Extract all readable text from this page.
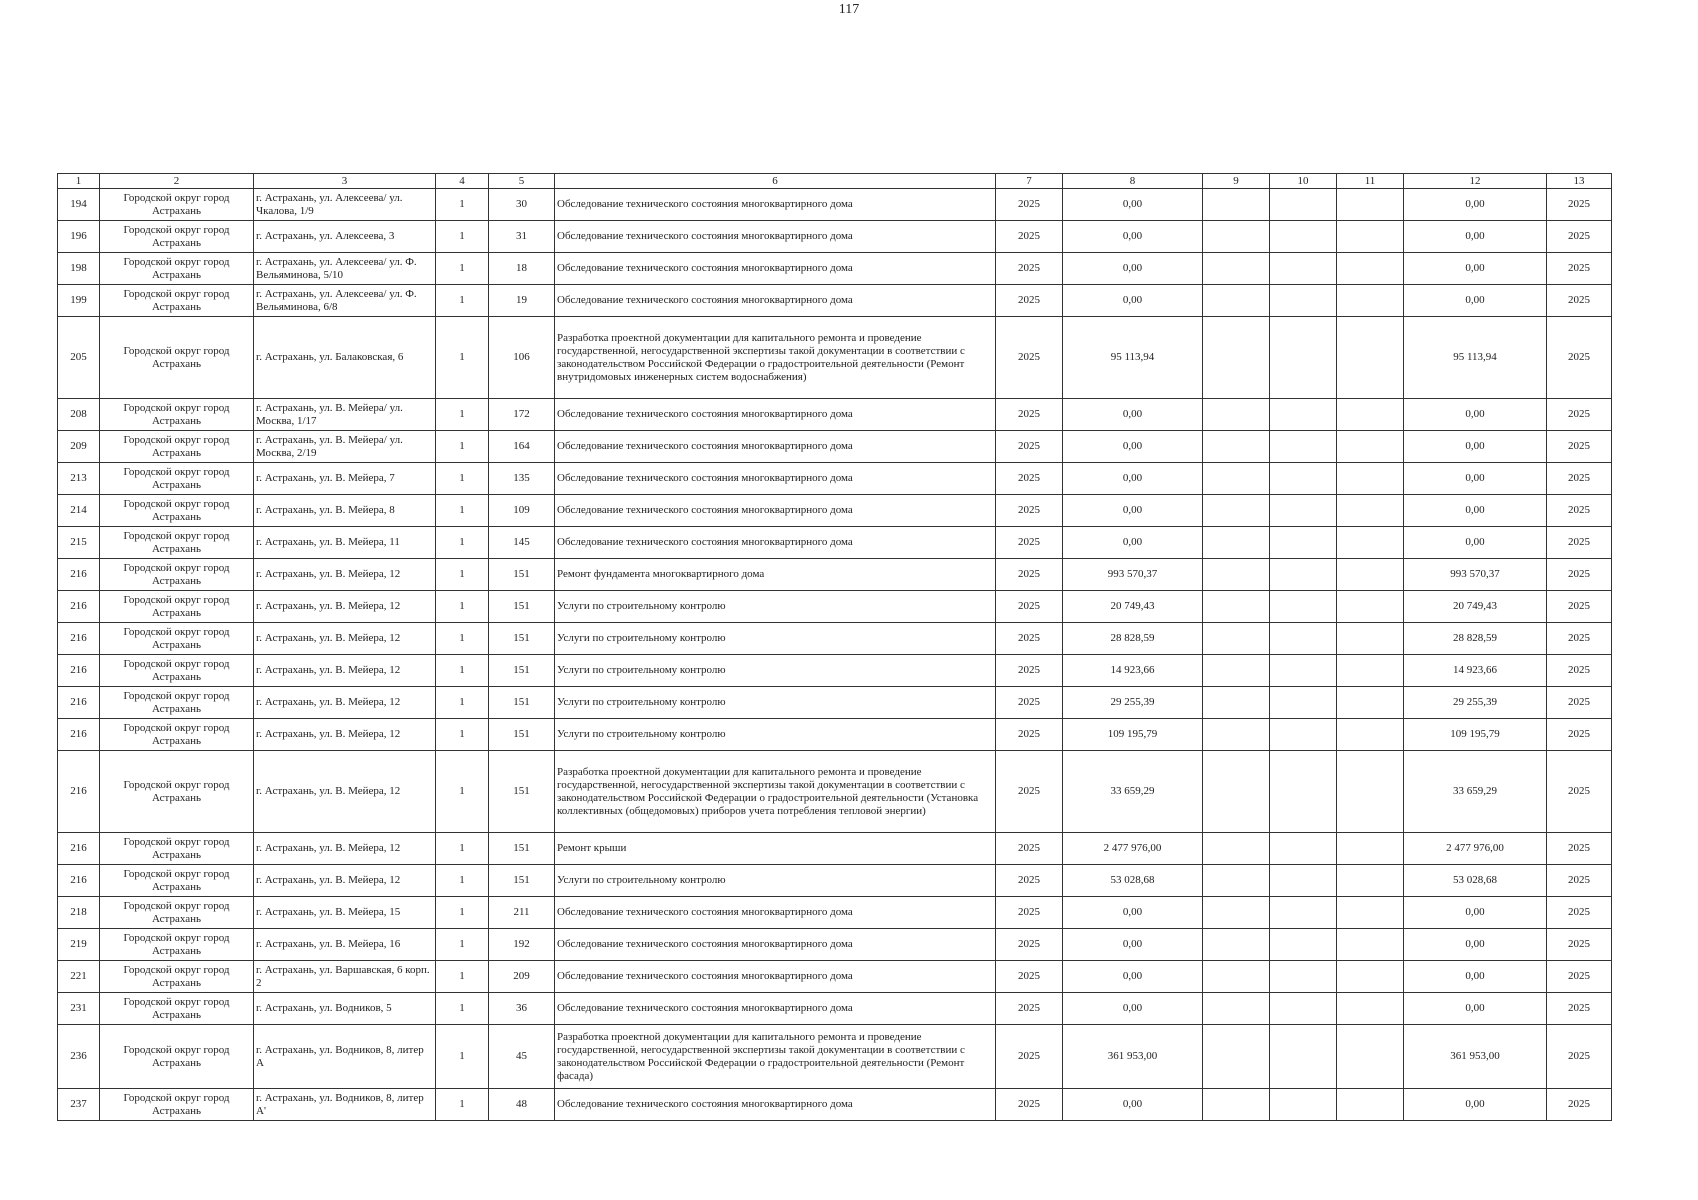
117
1	2	3	4	5	6	7	8	9	10	11	12	13
194	Городской округ город Астрахань	г. Астрахань, ул. Алексеева/ ул. Чкалова, 1/9	1	30	Обследование технического состояния многоквартирного дома	2025	0,00				0,00	2025
196	Городской округ город Астрахань	г. Астрахань, ул. Алексеева, 3	1	31	Обследование технического состояния многоквартирного дома	2025	0,00				0,00	2025
198	Городской округ город Астрахань	г. Астрахань, ул. Алексеева/ ул. Ф. Вельяминова, 5/10	1	18	Обследование технического состояния многоквартирного дома	2025	0,00				0,00	2025
199	Городской округ город Астрахань	г. Астрахань, ул. Алексеева/ ул. Ф. Вельяминова, 6/8	1	19	Обследование технического состояния многоквартирного дома	2025	0,00				0,00	2025
205	Городской округ город Астрахань	г. Астрахань, ул. Балаковская, 6	1	106	Разработка проектной документации для капитального ремонта и проведение государственной, негосударственной экспертизы такой документации в соответствии с законодательством Российской Федерации о градостроительной деятельности (Ремонт внутридомовых инженерных систем водоснабжения)	2025	95 113,94				95 113,94	2025
208	Городской округ город Астрахань	г. Астрахань, ул. В. Мейера/ ул. Москва, 1/17	1	172	Обследование технического состояния многоквартирного дома	2025	0,00				0,00	2025
209	Городской округ город Астрахань	г. Астрахань, ул. В. Мейера/ ул. Москва, 2/19	1	164	Обследование технического состояния многоквартирного дома	2025	0,00				0,00	2025
213	Городской округ город Астрахань	г. Астрахань, ул. В. Мейера, 7	1	135	Обследование технического состояния многоквартирного дома	2025	0,00				0,00	2025
214	Городской округ город Астрахань	г. Астрахань, ул. В. Мейера, 8	1	109	Обследование технического состояния многоквартирного дома	2025	0,00				0,00	2025
215	Городской округ город Астрахань	г. Астрахань, ул. В. Мейера, 11	1	145	Обследование технического состояния многоквартирного дома	2025	0,00				0,00	2025
216	Городской округ город Астрахань	г. Астрахань, ул. В. Мейера, 12	1	151	Ремонт фундамента многоквартирного дома	2025	993 570,37				993 570,37	2025
216	Городской округ город Астрахань	г. Астрахань, ул. В. Мейера, 12	1	151	Услуги по строительному контролю	2025	20 749,43				20 749,43	2025
216	Городской округ город Астрахань	г. Астрахань, ул. В. Мейера, 12	1	151	Услуги по строительному контролю	2025	28 828,59				28 828,59	2025
216	Городской округ город Астрахань	г. Астрахань, ул. В. Мейера, 12	1	151	Услуги по строительному контролю	2025	14 923,66				14 923,66	2025
216	Городской округ город Астрахань	г. Астрахань, ул. В. Мейера, 12	1	151	Услуги по строительному контролю	2025	29 255,39				29 255,39	2025
216	Городской округ город Астрахань	г. Астрахань, ул. В. Мейера, 12	1	151	Услуги по строительному контролю	2025	109 195,79				109 195,79	2025
216	Городской округ город Астрахань	г. Астрахань, ул. В. Мейера, 12	1	151	Разработка проектной документации для капитального ремонта и проведение государственной, негосударственной экспертизы такой документации в соответствии с законодательством Российской Федерации о градостроительной деятельности (Установка коллективных (общедомовых) приборов учета потребления тепловой энергии)	2025	33 659,29				33 659,29	2025
216	Городской округ город Астрахань	г. Астрахань, ул. В. Мейера, 12	1	151	Ремонт крыши	2025	2 477 976,00				2 477 976,00	2025
216	Городской округ город Астрахань	г. Астрахань, ул. В. Мейера, 12	1	151	Услуги по строительному контролю	2025	53 028,68				53 028,68	2025
218	Городской округ город Астрахань	г. Астрахань, ул. В. Мейера, 15	1	211	Обследование технического состояния многоквартирного дома	2025	0,00				0,00	2025
219	Городской округ город Астрахань	г. Астрахань, ул. В. Мейера, 16	1	192	Обследование технического состояния многоквартирного дома	2025	0,00				0,00	2025
221	Городской округ город Астрахань	г. Астрахань, ул. Варшавская, 6 корп. 2	1	209	Обследование технического состояния многоквартирного дома	2025	0,00				0,00	2025
231	Городской округ город Астрахань	г. Астрахань, ул. Водников, 5	1	36	Обследование технического состояния многоквартирного дома	2025	0,00				0,00	2025
236	Городской округ город Астрахань	г. Астрахань, ул. Водников, 8, литер А	1	45	Разработка проектной документации для капитального ремонта и проведение государственной, негосударственной экспертизы такой документации в соответствии с законодательством Российской Федерации о градостроительной деятельности (Ремонт фасада)	2025	361 953,00				361 953,00	2025
237	Городской округ город Астрахань	г. Астрахань, ул. Водников, 8, литер А'	1	48	Обследование технического состояния многоквартирного дома	2025	0,00				0,00	2025
